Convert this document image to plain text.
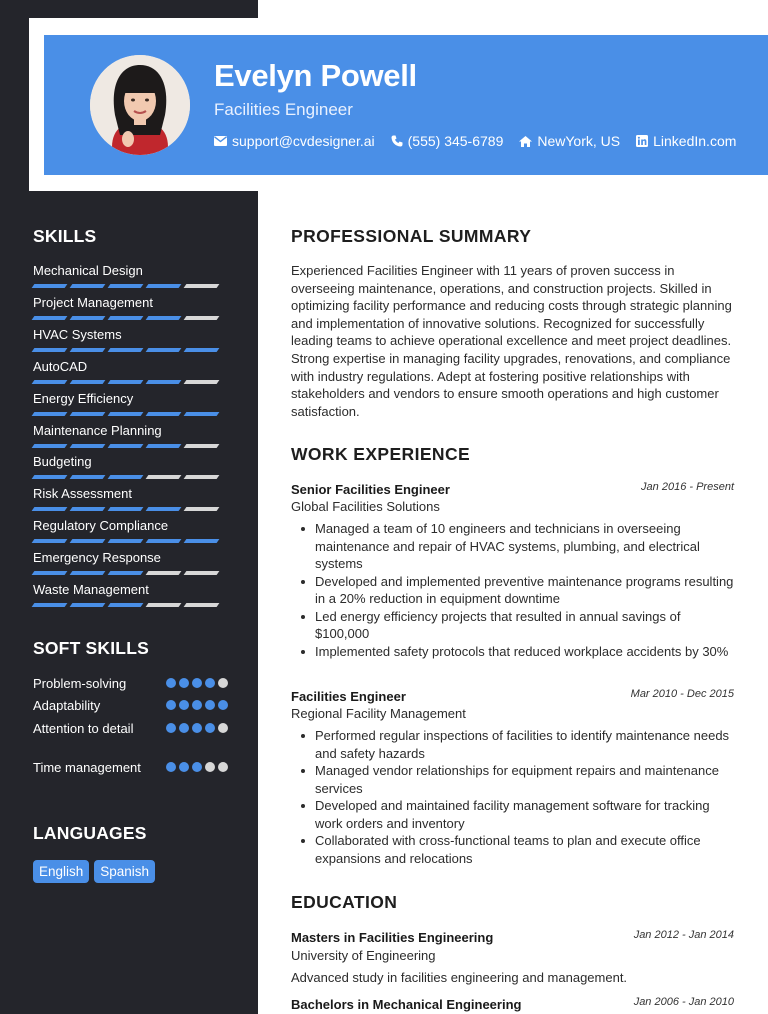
Evelyn Powell
Facilities Engineer
support@cvdesigner.ai (555) 345-6789 NewYork, US LinkedIn.com
SKILLS
Mechanical Design
Project Management
HVAC Systems
AutoCAD
Energy Efficiency
Maintenance Planning
Budgeting
Risk Assessment
Regulatory Compliance
Emergency Response
Waste Management
SOFT SKILLS
Problem-solving
Adaptability
Attention to detail
Time management
LANGUAGES
English	Spanish
PROFESSIONAL SUMMARY
Experienced Facilities Engineer with 11 years of proven success in overseeing maintenance, operations, and construction projects. Skilled in optimizing facility performance and reducing costs through strategic planning and implementation of innovative solutions. Recognized for successfully leading teams to achieve operational excellence and meet project deadlines. Strong expertise in managing facility upgrades, renovations, and compliance with industry regulations. Adept at fostering positive relationships with stakeholders and vendors to ensure smooth operations and high customer satisfaction.
WORK EXPERIENCE
Senior Facilities Engineer	Jan 2016 - Present
Global Facilities Solutions
Managed a team of 10 engineers and technicians in overseeing maintenance and repair of HVAC systems, plumbing, and electrical systems
Developed and implemented preventive maintenance programs resulting in a 20% reduction in equipment downtime
Led energy efficiency projects that resulted in annual savings of $100,000
Implemented safety protocols that reduced workplace accidents by 30%
Facilities Engineer	Mar 2010 - Dec 2015
Regional Facility Management
Performed regular inspections of facilities to identify maintenance needs and safety hazards
Managed vendor relationships for equipment repairs and maintenance services
Developed and maintained facility management software for tracking work orders and inventory
Collaborated with cross-functional teams to plan and execute office expansions and relocations
EDUCATION
Masters in Facilities Engineering	Jan 2012 - Jan 2014
University of Engineering
Advanced study in facilities engineering and management.
Bachelors in Mechanical Engineering	Jan 2006 - Jan 2010
